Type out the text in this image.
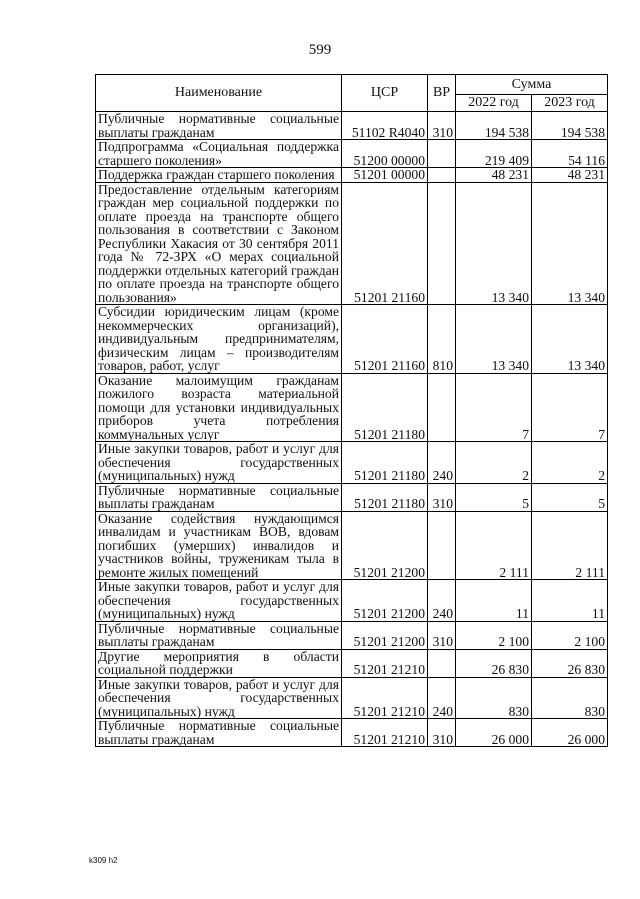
599
Наименование	ЦСР	ВР	Сумма	
			2022 год	2023 год
Публичные нормативные социальные выплаты гражданам	51102 R4040	310	194 538	194 538
Подпрограмма «Социальная поддержка старшего поколения»	51200 00000		219 409	54 116
Поддержка граждан старшего поколения	51201 00000		48 231	48 231
Предоставление отдельным категориям граждан мер социальной поддержки по оплате проезда на транспорте общего пользования в соответствии с Законом Республики Хакасия от 30 сентября 2011 года № 72-ЗРХ «О мерах социальной поддержки отдельных категорий граждан по оплате проезда на транспорте общего пользования»	51201 21160		13 340	13 340
Субсидии юридическим лицам (кроме некоммерческих организаций), индивидуальным предпринимателям, физическим лицам – производителям товаров, работ, услуг	51201 21160	810	13 340	13 340
Оказание малоимущим гражданам пожилого возраста материальной помощи для установки индивидуальных приборов учета потребления коммунальных услуг	51201 21180		7	7
Иные закупки товаров, работ и услуг для обеспечения государственных (муниципальных) нужд	51201 21180	240	2	2
Публичные нормативные социальные выплаты гражданам	51201 21180	310	5	5
Оказание содействия нуждающимся инвалидам и участникам ВОВ, вдовам погибших (умерших) инвалидов и участников войны, труженикам тыла в ремонте жилых помещений	51201 21200		2 111	2 111
Иные закупки товаров, работ и услуг для обеспечения государственных (муниципальных) нужд	51201 21200	240	11	11
Публичные нормативные социальные выплаты гражданам	51201 21200	310	2 100	2 100
Другие мероприятия в области социальной поддержки	51201 21210		26 830	26 830
Иные закупки товаров, работ и услуг для обеспечения государственных (муниципальных) нужд	51201 21210	240	830	830
Публичные нормативные социальные выплаты гражданам	51201 21210	310	26 000	26 000
k309 h2
